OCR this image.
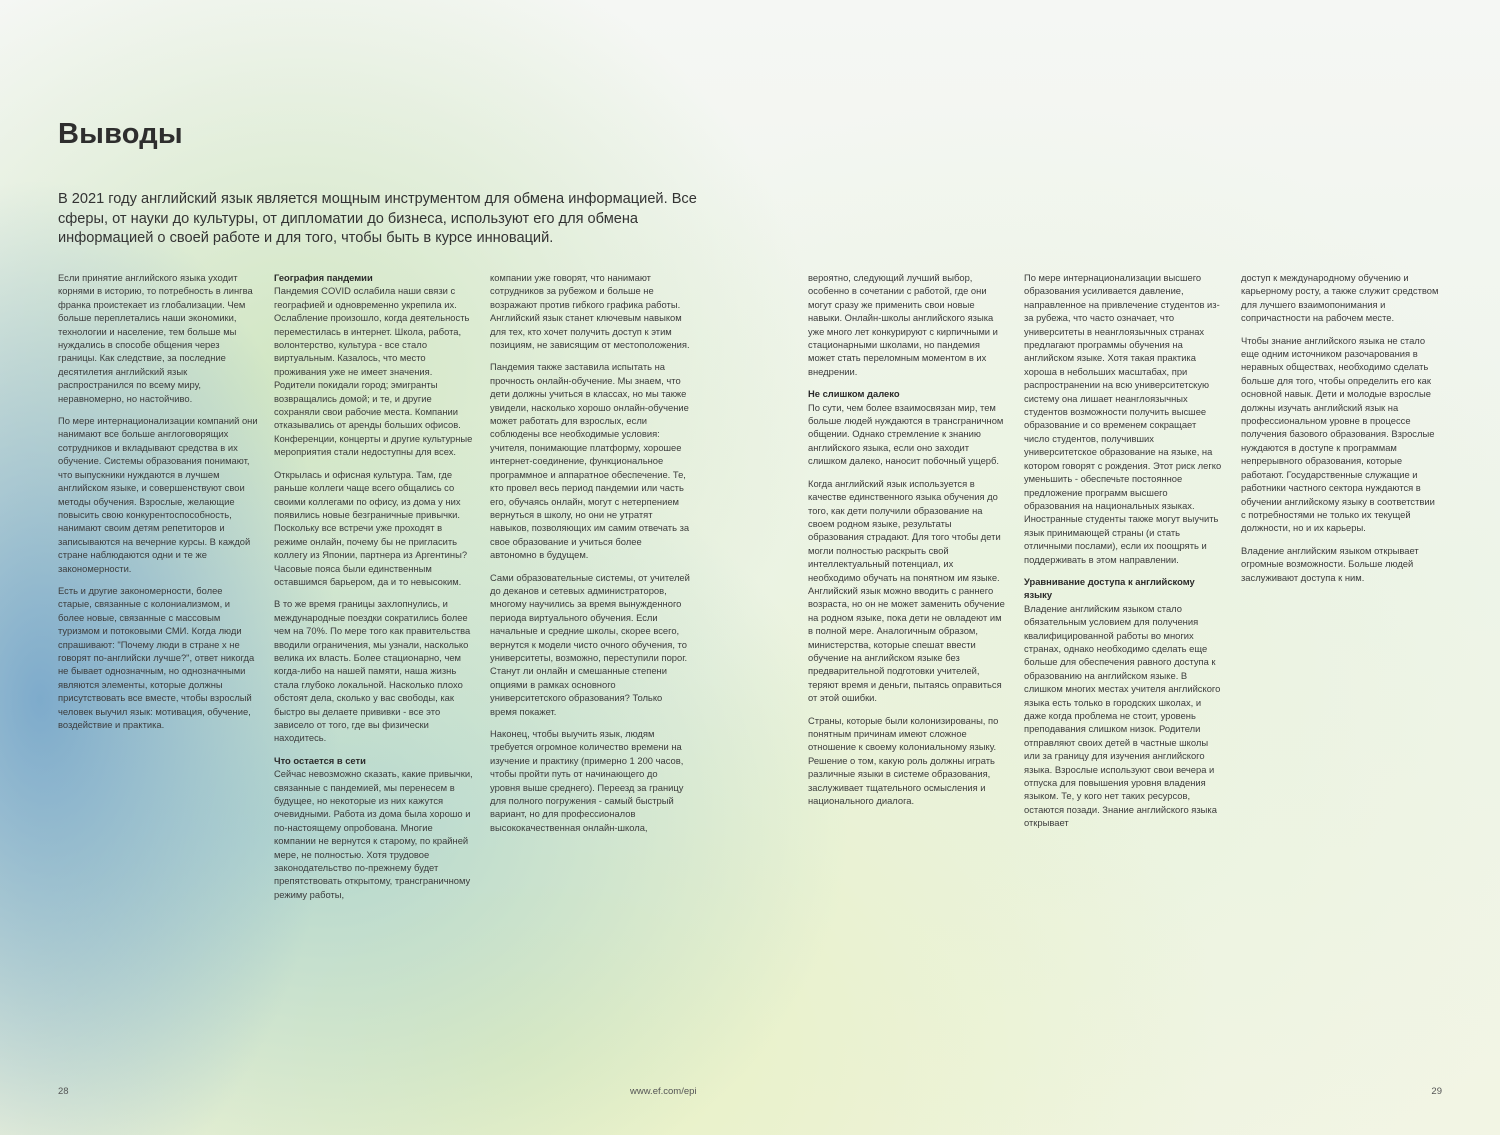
Выводы

В 2021 году английский язык является мощным инструментом для обмена информацией. Все сферы, от науки до культуры, от дипломатии до бизнеса, используют его для обмена информацией о своей работе и для того, чтобы быть в курсе инноваций.

Если принятие английского языка уходит корнями в историю, то потребность в лингва франка проистекает из глобализации. Чем больше переплетались наши экономики, технологии и население, тем больше мы нуждались в способе общения через границы. Как следствие, за последние десятилетия английский язык распространился по всему миру, неравномерно, но настойчиво.

По мере интернационализации компаний они нанимают все больше англоговорящих сотрудников и вкладывают средства в их обучение. Системы образования понимают, что выпускники нуждаются в лучшем английском языке, и совершенствуют свои методы обучения. Взрослые, желающие повысить свою конкурентоспособность, нанимают своим детям репетиторов и записываются на вечерние курсы. В каждой стране наблюдаются одни и те же закономерности.

Есть и другие закономерности, более старые, связанные с колониализмом, и более новые, связанные с массовым туризмом и потоковыми СМИ. Когда люди спрашивают: "Почему люди в стране х не говорят по-английски лучше?", ответ никогда не бывает однозначным, но однозначными являются элементы, которые должны присутствовать все вместе, чтобы взрослый человек выучил язык: мотивация, обучение, воздействие и практика.

География пандемии

Пандемия COVID ослабила наши связи с географией и одновременно укрепила их. Ослабление произошло, когда деятельность переместилась в интернет. Школа, работа, волонтерство, культура - все стало виртуальным. Казалось, что место проживания уже не имеет значения. Родители покидали город; эмигранты возвращались домой; и те, и другие сохраняли свои рабочие места. Компании отказывались от аренды больших офисов. Конференции, концерты и другие культурные мероприятия стали недоступны для всех.

Открылась и офисная культура. Там, где раньше коллеги чаще всего общались со своими коллегами по офису, из дома у них появились новые безграничные привычки. Поскольку все встречи уже проходят в режиме онлайн, почему бы не пригласить коллегу из Японии, партнера из Аргентины? Часовые пояса были единственным оставшимся барьером, да и то невысоким.

В то же время границы захлопнулись, и международные поездки сократились более чем на 70%. По мере того как правительства вводили ограничения, мы узнали, насколько велика их власть. Более стационарно, чем когда-либо на нашей памяти, наша жизнь стала глубоко локальной. Насколько плохо обстоят дела, сколько у вас свободы, как быстро вы делаете прививки - все это зависело от того, где вы физически находитесь.

Что остается в сети

Сейчас невозможно сказать, какие привычки, связанные с пандемией, мы перенесем в будущее, но некоторые из них кажутся очевидными. Работа из дома была хорошо и по-настоящему опробована. Многие компании не вернутся к старому, по крайней мере, не полностью. Хотя трудовое законодательство по-прежнему будет препятствовать открытому, трансграничному режиму работы,

компании уже говорят, что нанимают сотрудников за рубежом и больше не возражают против гибкого графика работы. Английский язык станет ключевым навыком для тех, кто хочет получить доступ к этим позициям, не зависящим от местоположения.

Пандемия также заставила испытать на прочность онлайн-обучение. Мы знаем, что дети должны учиться в классах, но мы также увидели, насколько хорошо онлайн-обучение может работать для взрослых, если соблюдены все необходимые условия: учителя, понимающие платформу, хорошее интернет-соединение, функциональное программное и аппаратное обеспечение. Те, кто провел весь период пандемии или часть его, обучаясь онлайн, могут с нетерпением вернуться в школу, но они не утратят навыков, позволяющих им самим отвечать за свое образование и учиться более автономно в будущем.

Сами образовательные системы, от учителей до деканов и сетевых администраторов, многому научились за время вынужденного периода виртуального обучения. Если начальные и средние школы, скорее всего, вернутся к модели чисто очного обучения, то университеты, возможно, переступили порог. Станут ли онлайн и смешанные степени опциями в рамках основного университетского образования? Только время покажет.

Наконец, чтобы выучить язык, людям требуется огромное количество времени на изучение и практику (примерно 1 200 часов, чтобы пройти путь от начинающего до уровня выше среднего). Переезд за границу для полного погружения - самый быстрый вариант, но для профессионалов высококачественная онлайн-школа,

вероятно, следующий лучший выбор, особенно в сочетании с работой, где они могут сразу же применить свои новые навыки. Онлайн-школы английского языка уже много лет конкурируют с кирпичными и стационарными школами, но пандемия может стать переломным моментом в их внедрении.

Не слишком далеко

По сути, чем более взаимосвязан мир, тем больше людей нуждаются в трансграничном общении. Однако стремление к знанию английского языка, если оно заходит слишком далеко, наносит побочный ущерб.

Когда английский язык используется в качестве единственного языка обучения до того, как дети получили образование на своем родном языке, результаты образования страдают. Для того чтобы дети могли полностью раскрыть свой интеллектуальный потенциал, их необходимо обучать на понятном им языке. Английский язык можно вводить с раннего возраста, но он не может заменить обучение на родном языке, пока дети не овладеют им в полной мере. Аналогичным образом, министерства, которые спешат ввести обучение на английском языке без предварительной подготовки учителей, теряют время и деньги, пытаясь оправиться от этой ошибки.

Страны, которые были колонизированы, по понятным причинам имеют сложное отношение к своему колониальному языку. Решение о том, какую роль должны играть различные языки в системе образования, заслуживает тщательного осмысления и национального диалога.

По мере интернационализации высшего образования усиливается давление, направленное на привлечение студентов из-за рубежа, что часто означает, что университеты в неанглоязычных странах предлагают программы обучения на английском языке. Хотя такая практика хороша в небольших масштабах, при распространении на всю университетскую систему она лишает неанглоязычных студентов возможности получить высшее образование и со временем сокращает число студентов, получивших университетское образование на языке, на котором говорят с рождения. Этот риск легко уменьшить - обеспечьте постоянное предложение программ высшего образования на национальных языках. Иностранные студенты также могут выучить язык принимающей страны (и стать отличными послами), если их поощрять и поддерживать в этом направлении.

Уравнивание доступа к английскому языку

Владение английским языком стало обязательным условием для получения квалифицированной работы во многих странах, однако необходимо сделать еще больше для обеспечения равного доступа к образованию на английском языке. В слишком многих местах учителя английского языка есть только в городских школах, и даже когда проблема не стоит, уровень преподавания слишком низок. Родители отправляют своих детей в частные школы или за границу для изучения английского языка. Взрослые используют свои вечера и отпуска для повышения уровня владения языком. Те, у кого нет таких ресурсов, остаются позади. Знание английского языка открывает

доступ к международному обучению и карьерному росту, а также служит средством для лучшего взаимопонимания и сопричастности на рабочем месте.

Чтобы знание английского языка не стало еще одним источником разочарования в неравных обществах, необходимо сделать больше для того, чтобы определить его как основной навык. Дети и молодые взрослые должны изучать английский язык на профессиональном уровне в процессе получения базового образования. Взрослые нуждаются в доступе к программам непрерывного образования, которые работают. Государственные служащие и работники частного сектора нуждаются в обучении английскому языку в соответствии с потребностями не только их текущей должности, но и их карьеры.

Владение английским языком открывает огромные возможности. Больше людей заслуживают доступа к ним.

28	www.ef.com/epi	29
